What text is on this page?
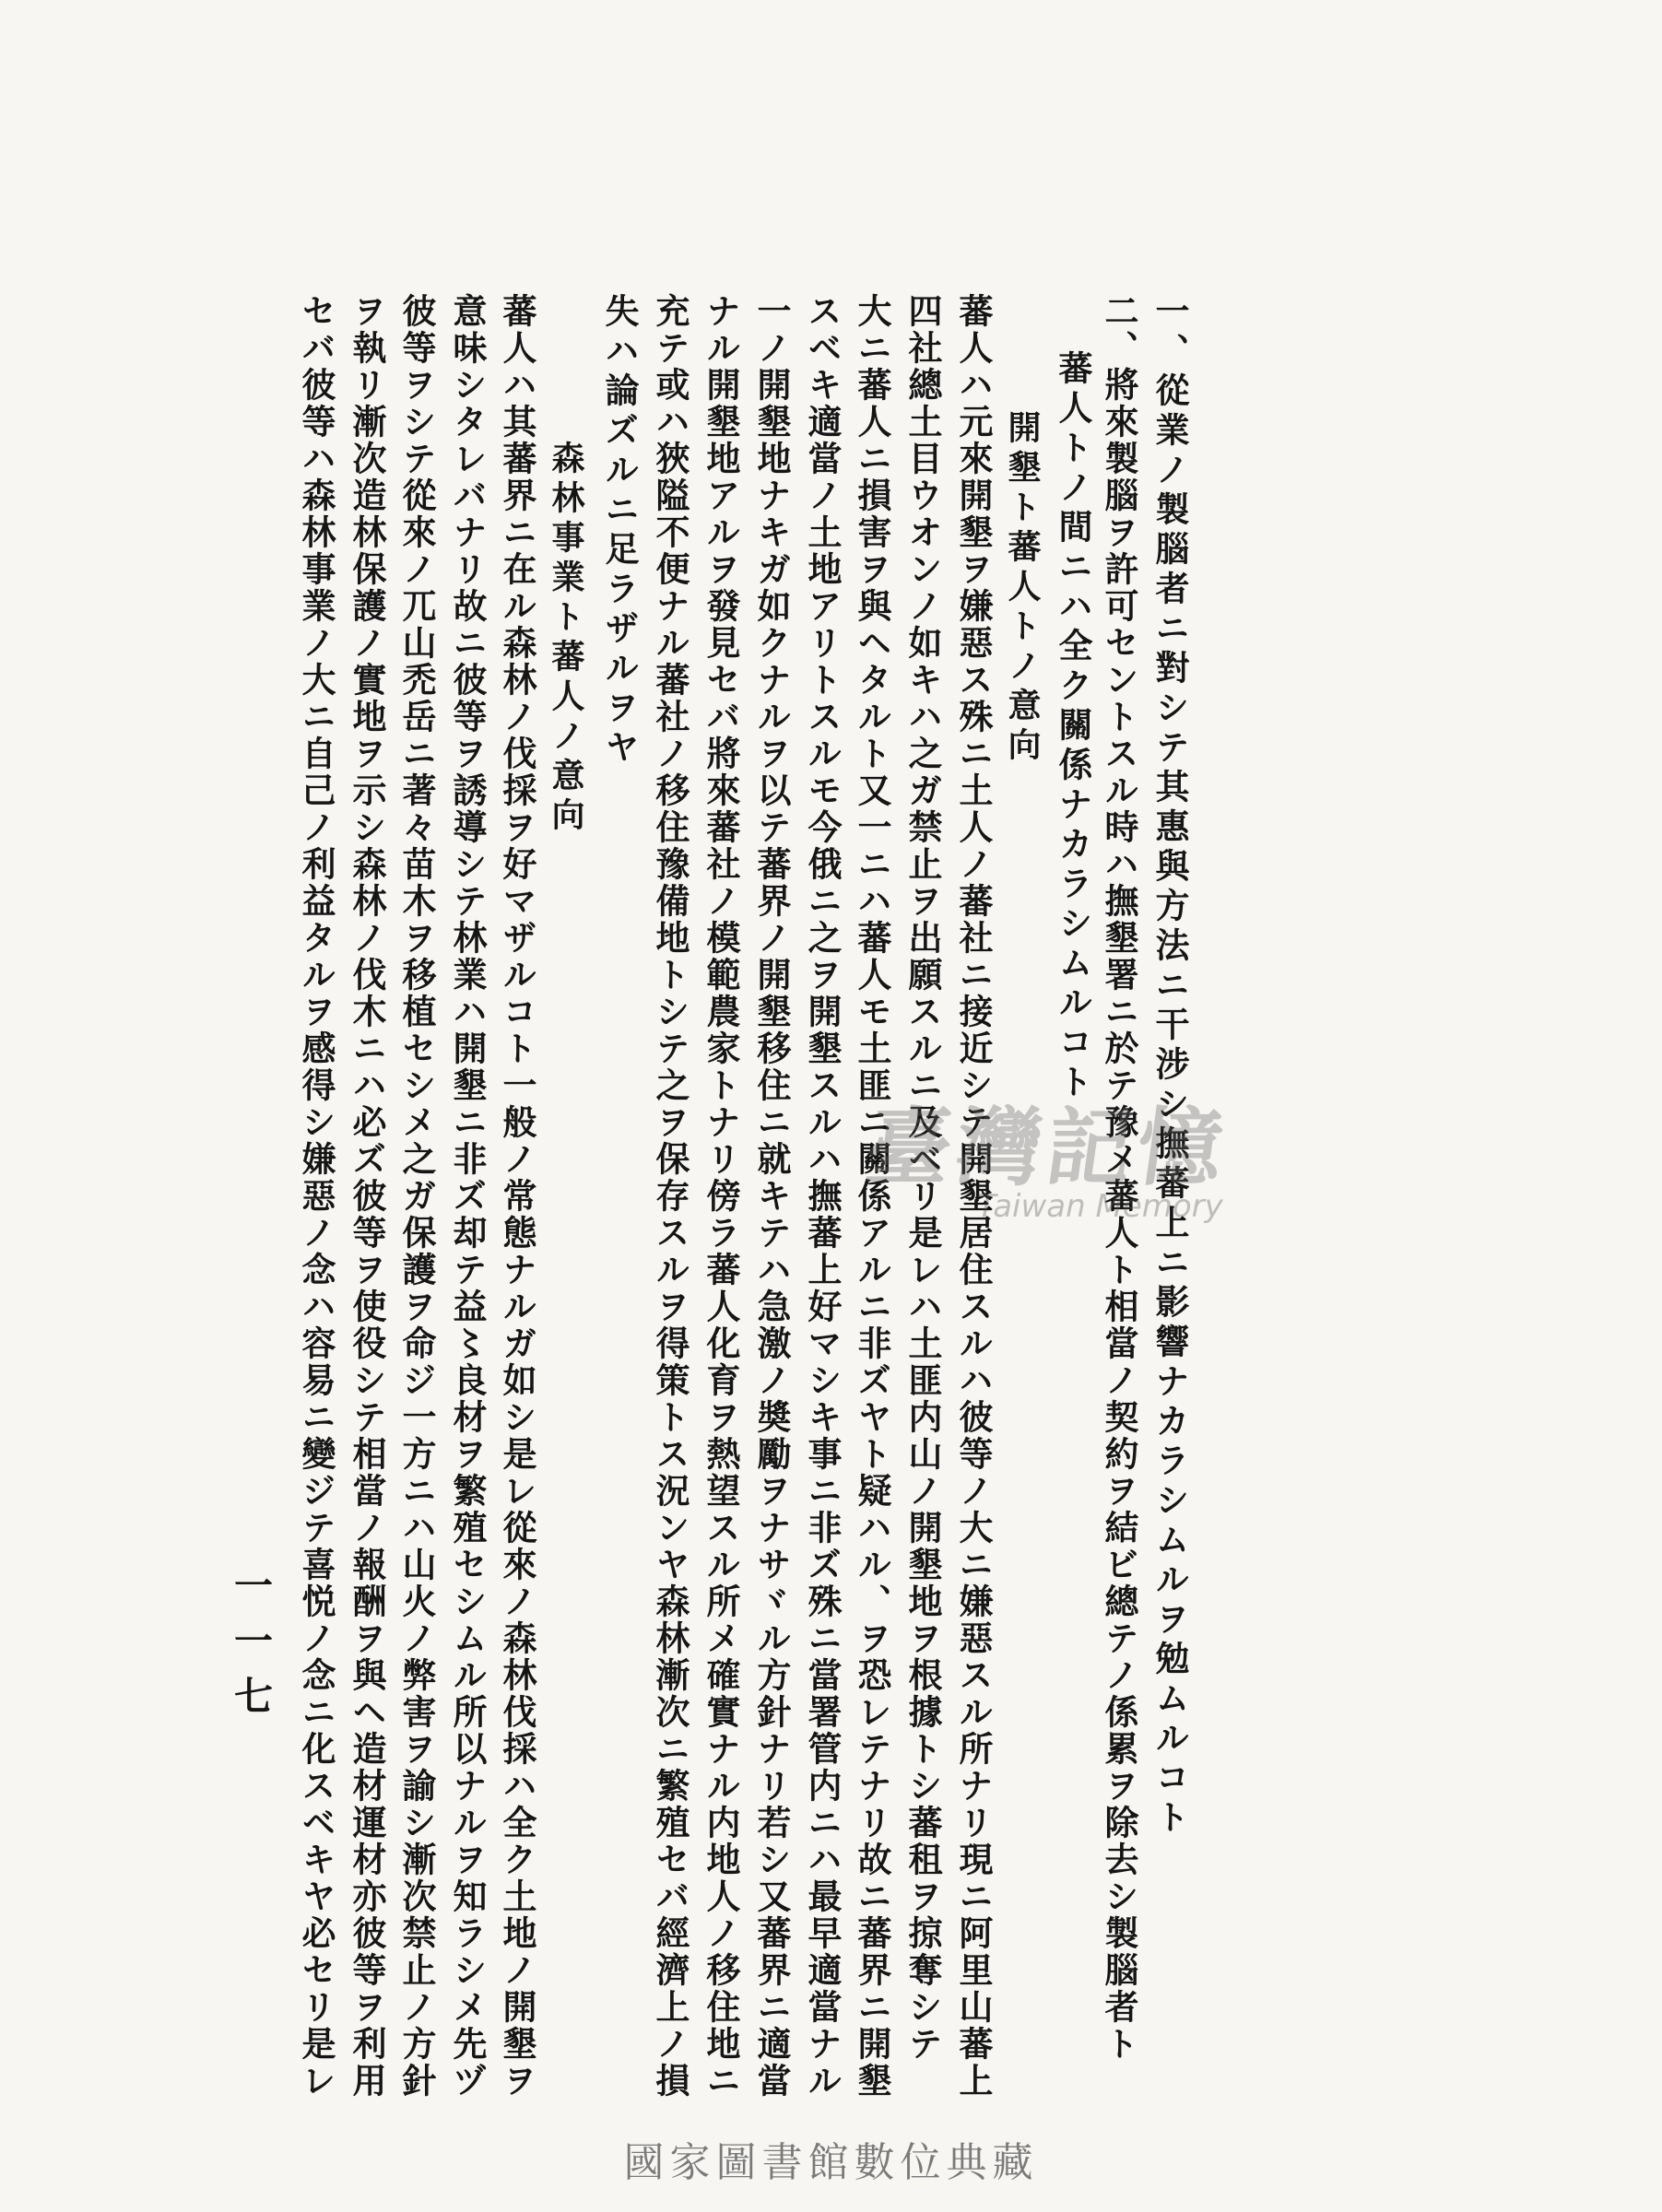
一、從業ノ製腦者ニ對シテ其惠與方法ニ干涉シ撫蕃上ニ影響ナカラシムルヲ勉ムルコト
二、將來製腦ヲ許可セントスル時ハ撫墾署ニ於テ豫メ蕃人ト相當ノ契約ヲ結ビ總テノ係累ヲ除去シ製腦者ト
蕃人トノ間ニハ全ク關係ナカラシムルコト
開墾ト蕃人トノ意向
蕃人ハ元來開墾ヲ嫌惡ス殊ニ土人ノ蕃社ニ接近シテ開墾居住スルハ彼等ノ大ニ嫌惡スル所ナリ現ニ阿里山蕃上
四社總土目ウオンノ如キハ之ガ禁止ヲ出願スルニ及ベリ是レハ土匪内山ノ開墾地ヲ根據トシ蕃租ヲ掠奪シテ
大ニ蕃人ニ損害ヲ與ヘタルト又一ニハ蕃人モ土匪ニ關係アルニ非ズヤト疑ハル、ヲ恐レテナリ故ニ蕃界ニ開墾
スベキ適當ノ土地アリトスルモ今俄ニ之ヲ開墾スルハ撫蕃上好マシキ事ニ非ズ殊ニ當署管内ニハ最早適當ナル
一ノ開墾地ナキガ如クナルヲ以テ蕃界ノ開墾移住ニ就キテハ急激ノ奬勵ヲナサヾル方針ナリ若シ又蕃界ニ適當
ナル開墾地アルヲ發見セバ將來蕃社ノ模範農家トナリ傍ラ蕃人化育ヲ熱望スル所メ確實ナル内地人ノ移住地ニ
充テ或ハ狹隘不便ナル蕃社ノ移住豫備地トシテ之ヲ保存スルヲ得策トス況ンヤ森林漸次ニ繁殖セバ經濟上ノ損
失ハ論ズルニ足ラザルヲヤ
森林事業ト蕃人ノ意向
蕃人ハ其蕃界ニ在ル森林ノ伐採ヲ好マザルコト一般ノ常態ナルガ如シ是レ從來ノ森林伐採ハ全ク土地ノ開墾ヲ
意味シタレバナリ故ニ彼等ヲ誘導シテ林業ハ開墾ニ非ズ却テ益〻良材ヲ繁殖セシムル所以ナルヲ知ラシメ先ヅ
彼等ヲシテ從來ノ兀山禿岳ニ著々苗木ヲ移植セシメ之ガ保護ヲ命ジ一方ニハ山火ノ弊害ヲ諭シ漸次禁止ノ方針
ヲ執リ漸次造林保護ノ實地ヲ示シ森林ノ伐木ニハ必ズ彼等ヲ使役シテ相當ノ報酬ヲ與ヘ造材運材亦彼等ヲ利用
セバ彼等ハ森林事業ノ大ニ自己ノ利益タルヲ感得シ嫌惡ノ念ハ容易ニ變ジテ喜悦ノ念ニ化スベキヤ必セリ是レ
一一七
臺灣記憶
Taiwan Memory
國家圖書館數位典藏
